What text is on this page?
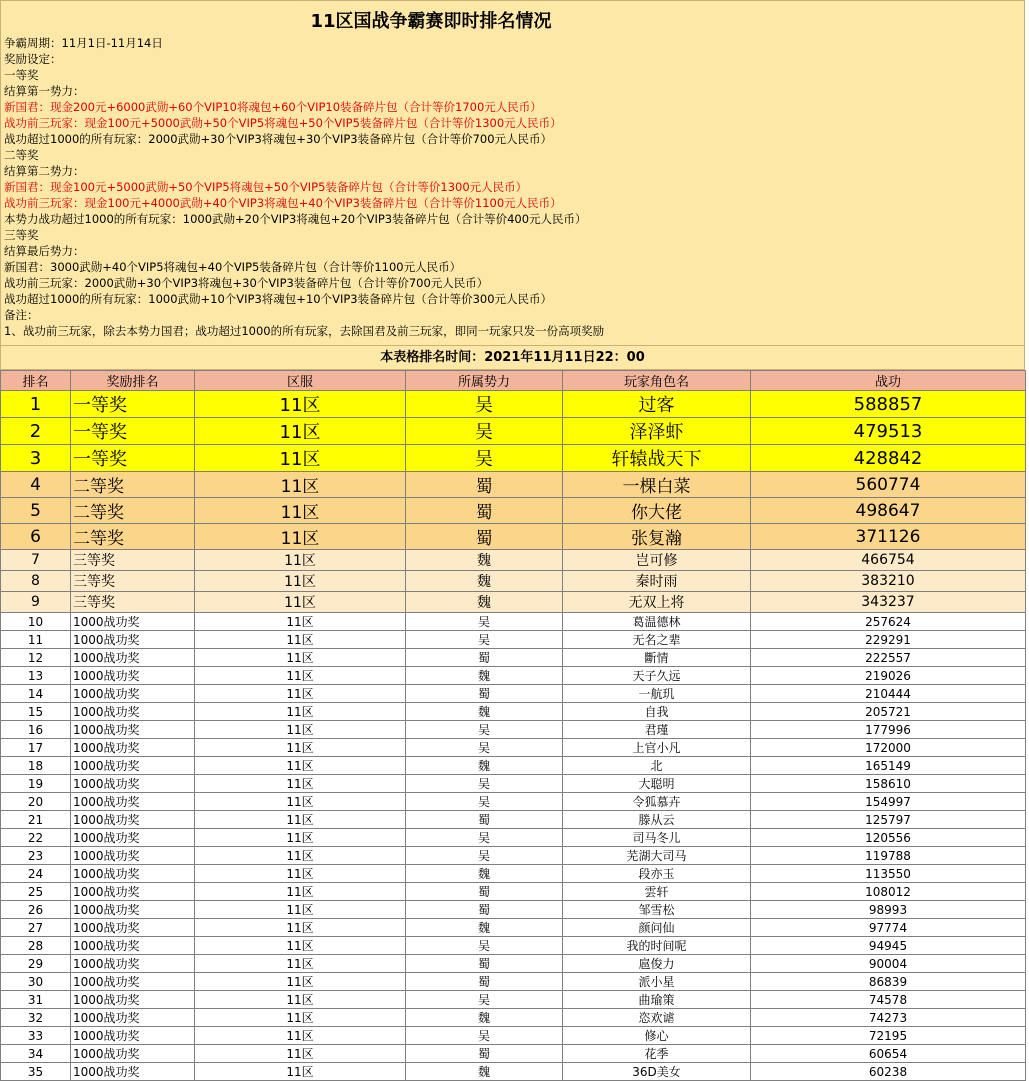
11区国战争霸赛即时排名情况
争霸周期：11月1日-11月14日
奖励设定：
一等奖
结算第一势力：
新国君：现金200元+6000武勋+60个VIP10将魂包+60个VIP10装备碎片包（合计等价1700元人民币）
战功前三玩家：现金100元+5000武勋+50个VIP5将魂包+50个VIP5装备碎片包（合计等价1300元人民币）
战功超过1000的所有玩家：2000武勋+30个VIP3将魂包+30个VIP3装备碎片包（合计等价700元人民币）
二等奖
结算第二势力：
新国君：现金100元+5000武勋+50个VIP5将魂包+50个VIP5装备碎片包（合计等价1300元人民币）
战功前三玩家：现金100元+4000武勋+40个VIP3将魂包+40个VIP3装备碎片包（合计等价1100元人民币）
本势力战功超过1000的所有玩家：1000武勋+20个VIP3将魂包+20个VIP3装备碎片包（合计等价400元人民币）
三等奖
结算最后势力：
新国君：3000武勋+40个VIP5将魂包+40个VIP5装备碎片包（合计等价1100元人民币）
战功前三玩家：2000武勋+30个VIP3将魂包+30个VIP3装备碎片包（合计等价700元人民币）
战功超过1000的所有玩家：1000武勋+10个VIP3将魂包+10个VIP3装备碎片包（合计等价300元人民币）
备注：
1、战功前三玩家，除去本势力国君；战功超过1000的所有玩家，去除国君及前三玩家，即同一玩家只发一份高项奖励
本表格排名时间：2021年11月11日22：00
排名	奖励排名	区服	所属势力	玩家角色名	战功
1	一等奖	11区	吴	过客	588857
2	一等奖	11区	吴	泽泽虾	479513
3	一等奖	11区	吴	轩辕战天下	428842
4	二等奖	11区	蜀	一棵白菜	560774
5	二等奖	11区	蜀	你大佬	498647
6	二等奖	11区	蜀	张复瀚	371126
7	三等奖	11区	魏	岂可修	466754
8	三等奖	11区	魏	秦时雨	383210
9	三等奖	11区	魏	无双上将	343237
10	1000战功奖	11区	吴	葛温德林	257624
11	1000战功奖	11区	吴	无名之辈	229291
12	1000战功奖	11区	蜀	斷情	222557
13	1000战功奖	11区	魏	天子久远	219026
14	1000战功奖	11区	蜀	一航玑	210444
15	1000战功奖	11区	魏	自我	205721
16	1000战功奖	11区	吴	君瑾	177996
17	1000战功奖	11区	吴	上官小凡	172000
18	1000战功奖	11区	魏	北	165149
19	1000战功奖	11区	吴	大聪明	158610
20	1000战功奖	11区	吴	令狐慕卉	154997
21	1000战功奖	11区	蜀	滕从云	125797
22	1000战功奖	11区	吴	司马冬儿	120556
23	1000战功奖	11区	吴	芜湖大司马	119788
24	1000战功奖	11区	魏	段亦玉	113550
25	1000战功奖	11区	蜀	雲轩	108012
26	1000战功奖	11区	蜀	邹雪松	98993
27	1000战功奖	11区	魏	颜问仙	97774
28	1000战功奖	11区	吴	我的时间呢	94945
29	1000战功奖	11区	蜀	扈俊力	90004
30	1000战功奖	11区	蜀	派小星	86839
31	1000战功奖	11区	吴	曲瑜策	74578
32	1000战功奖	11区	魏	恣欢谑	74273
33	1000战功奖	11区	吴	修心	72195
34	1000战功奖	11区	蜀	花季	60654
35	1000战功奖	11区	魏	36D美女	60238
